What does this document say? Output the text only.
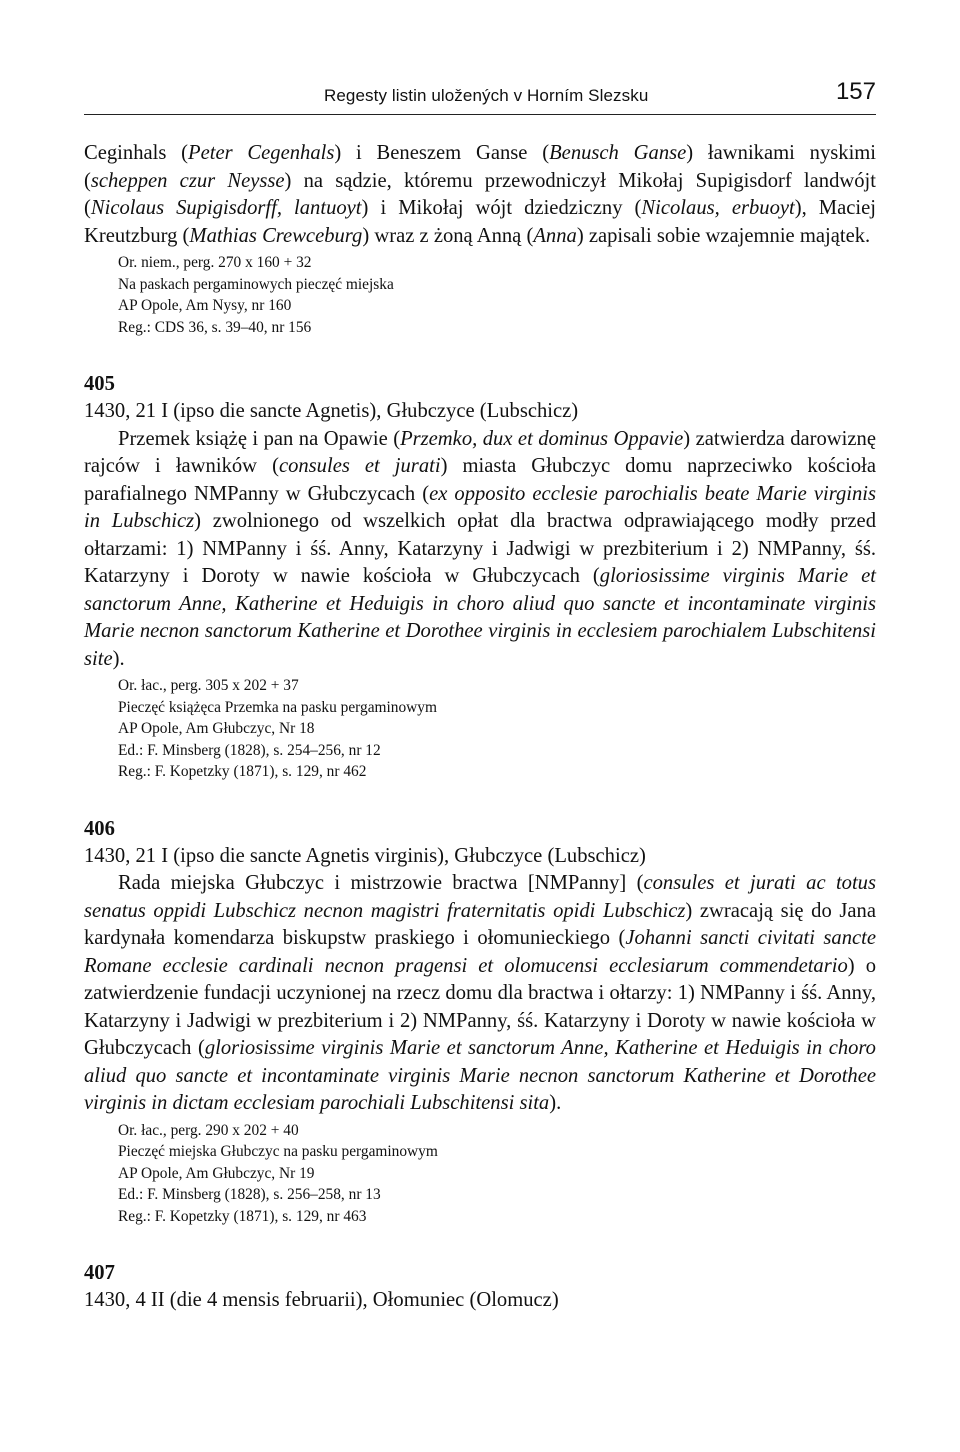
Regesty listin uložených v Horním Slezsku	157

Ceginhals (Peter Cegenhals) i Beneszem Ganse (Benusch Ganse) ławnikami nyskimi (scheppen czur Neysse) na sądzie, któremu przewodniczył Mikołaj Supigisdorf landwójt (Nicolaus Supigisdorff, lantuoyt) i Mikołaj wójt dziedziczny (Nicolaus, erbuoyt), Maciej Kreutzburg (Mathias Crewceburg) wraz z żoną Anną (Anna) zapisali sobie wzajemnie majątek.

Or. niem., perg. 270 x 160 + 32

Na paskach pergaminowych pieczęć miejska

AP Opole, Am Nysy, nr 160

Reg.: CDS 36, s. 39–40, nr 156

405

1430, 21 I (ipso die sancte Agnetis), Głubczyce (Lubschicz)

Przemek książę i pan na Opawie (Przemko, dux et dominus Oppavie) zatwierdza darowiznę rajców i ławników (consules et jurati) miasta Głubczyc domu naprzeciwko kościoła parafialnego NMPanny w Głubczycach (ex opposito ecclesie parochialis beate Marie virginis in Lubschicz) zwolnionego od wszelkich opłat dla bractwa odprawiającego modły przed ołtarzami: 1) NMPanny i śś. Anny, Katarzyny i Jadwigi w prezbiterium i 2) NMPanny, śś. Katarzyny i Doroty w nawie kościoła w Głubczycach (gloriosissime virginis Marie et sanctorum Anne, Katherine et Heduigis in choro aliud quo sancte et incontaminate virginis Marie necnon sanctorum Katherine et Dorothee virginis in ecclesiem parochialem Lubschitensi site).

Or. łac., perg. 305 x 202 + 37

Pieczęć książęca Przemka na pasku pergaminowym

AP Opole, Am Głubczyc, Nr 18

Ed.: F. Minsberg (1828), s. 254–256, nr 12

Reg.: F. Kopetzky (1871), s. 129, nr 462

406

1430, 21 I (ipso die sancte Agnetis virginis), Głubczyce (Lubschicz)

Rada miejska Głubczyc i mistrzowie bractwa [NMPanny] (consules et jurati ac totus senatus oppidi Lubschicz necnon magistri fraternitatis opidi Lubschicz) zwracają się do Jana kardynała komendarza biskupstw praskiego i ołomunieckiego (Johanni sancti civitati sancte Romane ecclesie cardinali necnon pragensi et olomucensi ecclesiarum commendetario) o zatwierdzenie fundacji uczynionej na rzecz domu dla bractwa i ołtarzy: 1) NMPanny i śś. Anny, Katarzyny i Jadwigi w prezbiterium i 2) NMPanny, śś. Katarzyny i Doroty w nawie kościoła w Głubczycach (gloriosissime virginis Marie et sanctorum Anne, Katherine et Heduigis in choro aliud quo sancte et incontaminate virginis Marie necnon sanctorum Katherine et Dorothee virginis in dictam ecclesiam parochiali Lubschitensi sita).

Or. łac., perg. 290 x 202 + 40

Pieczęć miejska Głubczyc na pasku pergaminowym

AP Opole, Am Głubczyc, Nr 19

Ed.: F. Minsberg (1828), s. 256–258, nr 13

Reg.: F. Kopetzky (1871), s. 129, nr 463

407

1430, 4 II (die 4 mensis februarii), Ołomuniec (Olomucz)
